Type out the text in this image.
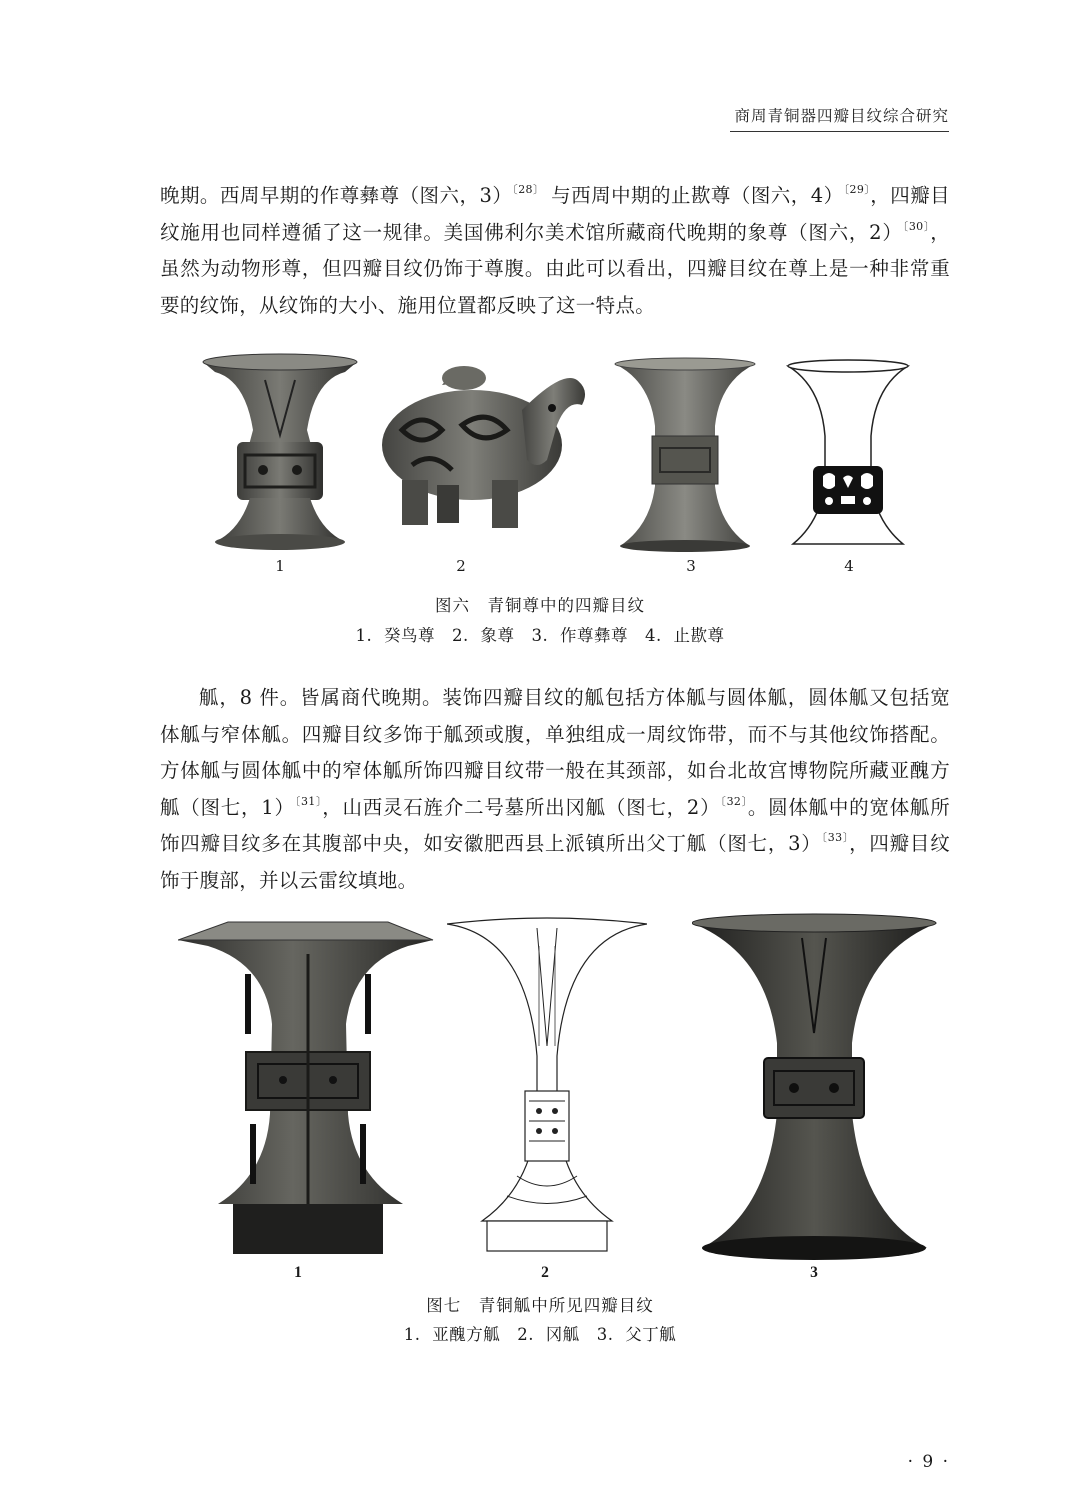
商周青铜器四瓣目纹综合研究

晚期。西周早期的作尊彝尊（图六，3）$^{〔28〕}$ 与西周中期的止歁尊（图六，4）$^{〔29〕}$，四瓣目纹施用也同样遵循了这一规律。美国佛利尔美术馆所藏商代晚期的象尊（图六，2）$^{〔30〕}$，虽然为动物形尊，但四瓣目纹仍饰于尊腹。由此可以看出，四瓣目纹在尊上是一种非常重要的纹饰，从纹饰的大小、施用位置都反映了这一特点。

1	2	3	4
图六　青铜尊中的四瓣目纹
1. 癸鸟尊　2. 象尊　3. 作尊彝尊　4. 止歁尊

觚，8 件。皆属商代晚期。装饰四瓣目纹的觚包括方体觚与圆体觚，圆体觚又包括宽体觚与窄体觚。四瓣目纹多饰于觚颈或腹，单独组成一周纹饰带，而不与其他纹饰搭配。方体觚与圆体觚中的窄体觚所饰四瓣目纹带一般在其颈部，如台北故宫博物院所藏亚醜方觚（图七，1）$^{〔31〕}$，山西灵石旌介二号墓所出冈觚（图七，2）$^{〔32〕}$。圆体觚中的宽体觚所饰四瓣目纹多在其腹部中央，如安徽肥西县上派镇所出父丁觚（图七，3）$^{〔33〕}$，四瓣目纹饰于腹部，并以云雷纹填地。

1	2	3
图七　青铜觚中所见四瓣目纹
1. 亚醜方觚　2. 冈觚　3. 父丁觚
· 9 ·
